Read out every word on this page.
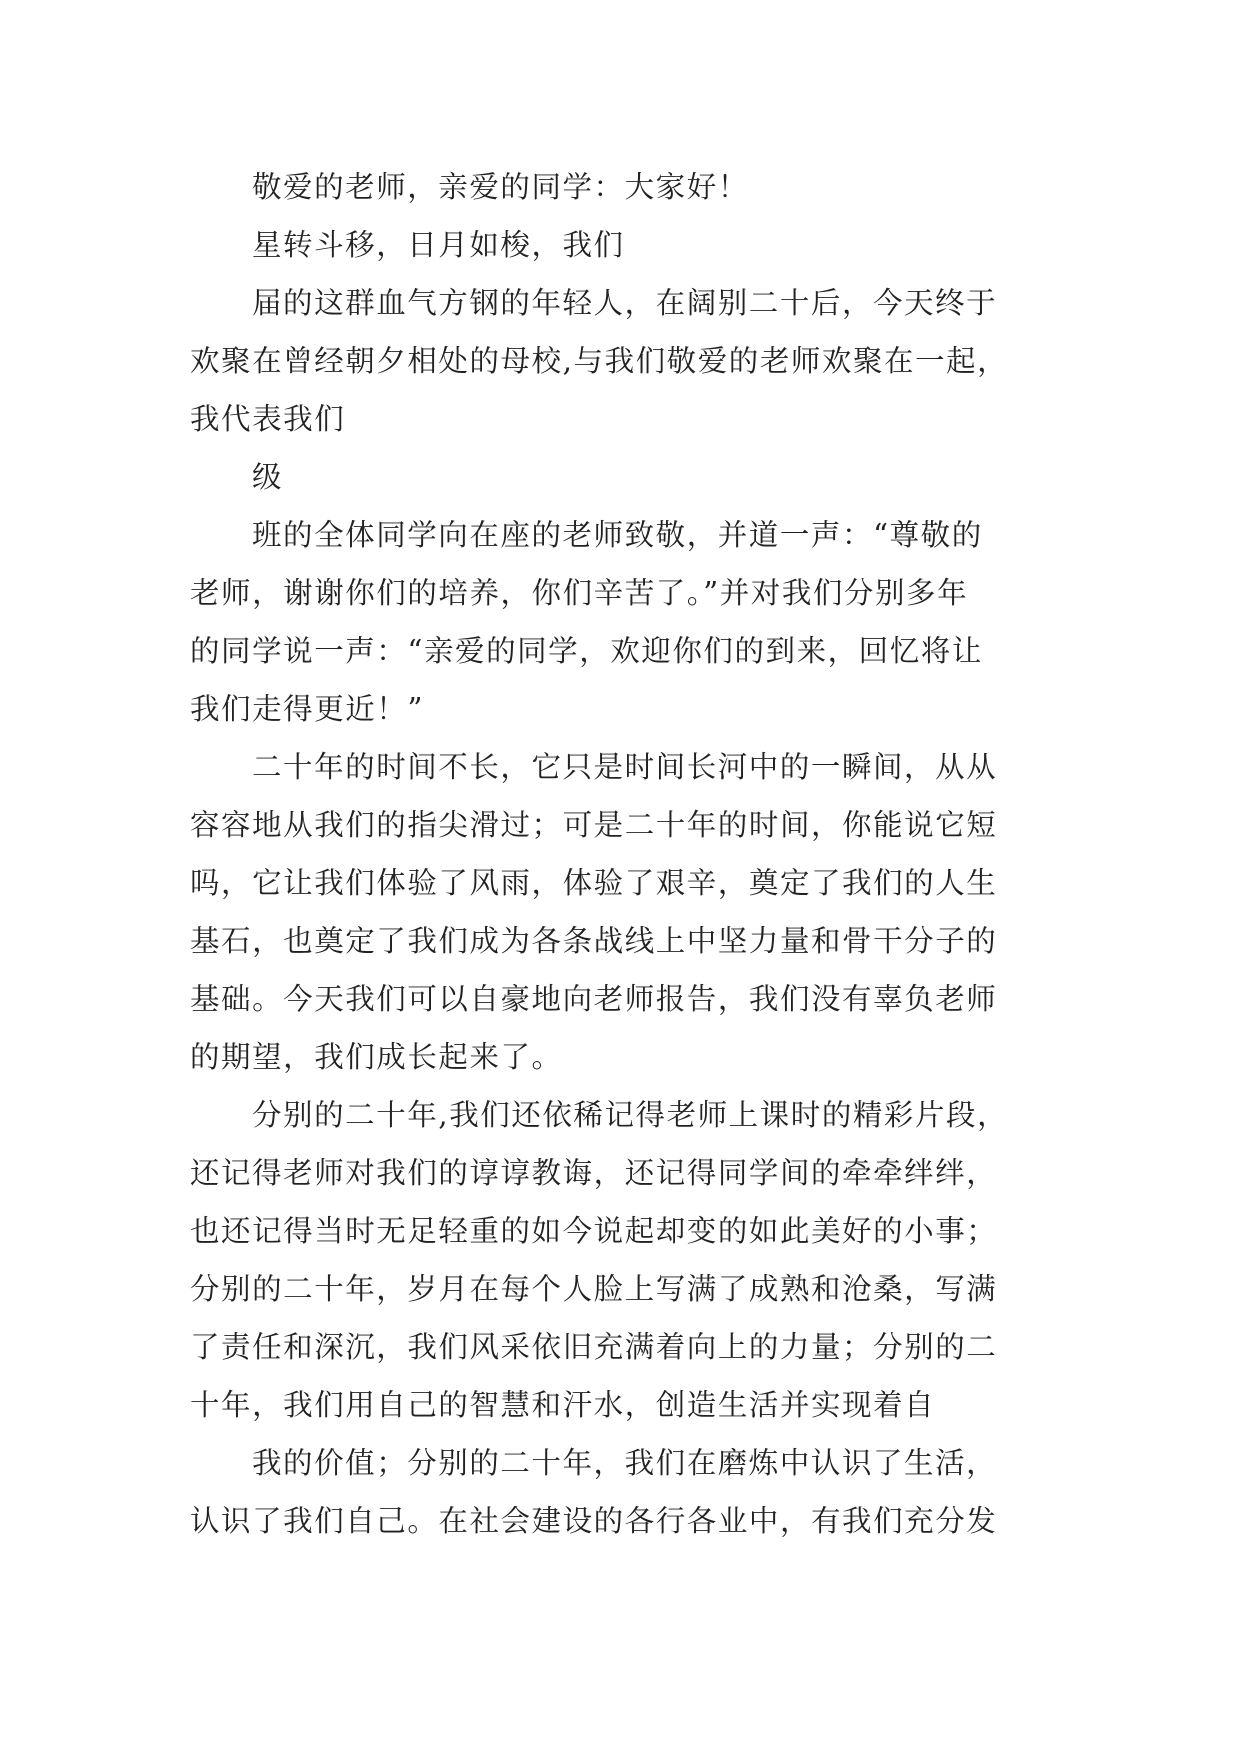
敬爱的老师，亲爱的同学：大家好！

星转斗移，日月如梭，我们

届的这群血气方钢的年轻人，在阔别二十后，今天终于

欢聚在曾经朝夕相处的母校,与我们敬爱的老师欢聚在一起，

我代表我们

级

班的全体同学向在座的老师致敬，并道一声：“尊敬的

老师，谢谢你们的培养，你们辛苦了。”并对我们分别多年

的同学说一声：“亲爱的同学，欢迎你们的到来，回忆将让

我们走得更近！”

二十年的时间不长，它只是时间长河中的一瞬间，从从

容容地从我们的指尖滑过；可是二十年的时间，你能说它短

吗，它让我们体验了风雨，体验了艰辛，奠定了我们的人生

基石，也奠定了我们成为各条战线上中坚力量和骨干分子的

基础。今天我们可以自豪地向老师报告，我们没有辜负老师

的期望，我们成长起来了。

分别的二十年,我们还依稀记得老师上课时的精彩片段，

还记得老师对我们的谆谆教诲，还记得同学间的牵牵绊绊，

也还记得当时无足轻重的如今说起却变的如此美好的小事；

分别的二十年，岁月在每个人脸上写满了成熟和沧桑，写满

了责任和深沉，我们风采依旧充满着向上的力量；分别的二

十年，我们用自己的智慧和汗水，创造生活并实现着自

我的价值；分别的二十年，我们在磨炼中认识了生活，

认识了我们自己。在社会建设的各行各业中，有我们充分发
